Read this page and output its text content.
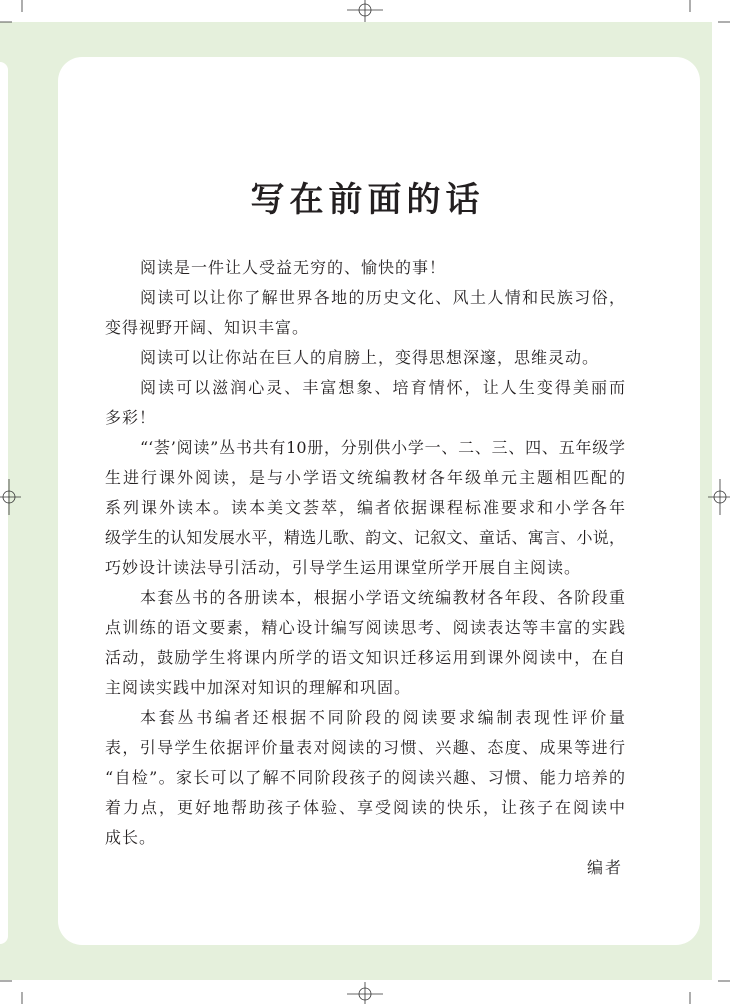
写在前面的话
阅读是一件让人受益无穷的、愉快的事！
阅读可以让你了解世界各地的历史文化、风土人情和民族习俗，
变得视野开阔、知识丰富。
阅读可以让你站在巨人的肩膀上，变得思想深邃，思维灵动。
阅读可以滋润心灵、丰富想象、培育情怀，让人生变得美丽而
多彩！
“‘荟’阅读”丛书共有10册，分别供小学一、二、三、四、五年级学
生进行课外阅读，是与小学语文统编教材各年级单元主题相匹配的
系列课外读本。读本美文荟萃，编者依据课程标准要求和小学各年
级学生的认知发展水平，精选儿歌、韵文、记叙文、童话、寓言、小说，
巧妙设计读法导引活动，引导学生运用课堂所学开展自主阅读。
本套丛书的各册读本，根据小学语文统编教材各年段、各阶段重
点训练的语文要素，精心设计编写阅读思考、阅读表达等丰富的实践
活动，鼓励学生将课内所学的语文知识迁移运用到课外阅读中，在自
主阅读实践中加深对知识的理解和巩固。
本套丛书编者还根据不同阶段的阅读要求编制表现性评价量
表，引导学生依据评价量表对阅读的习惯、兴趣、态度、成果等进行
“自检”。家长可以了解不同阶段孩子的阅读兴趣、习惯、能力培养的
着力点，更好地帮助孩子体验、享受阅读的快乐，让孩子在阅读中
成长。
编者
